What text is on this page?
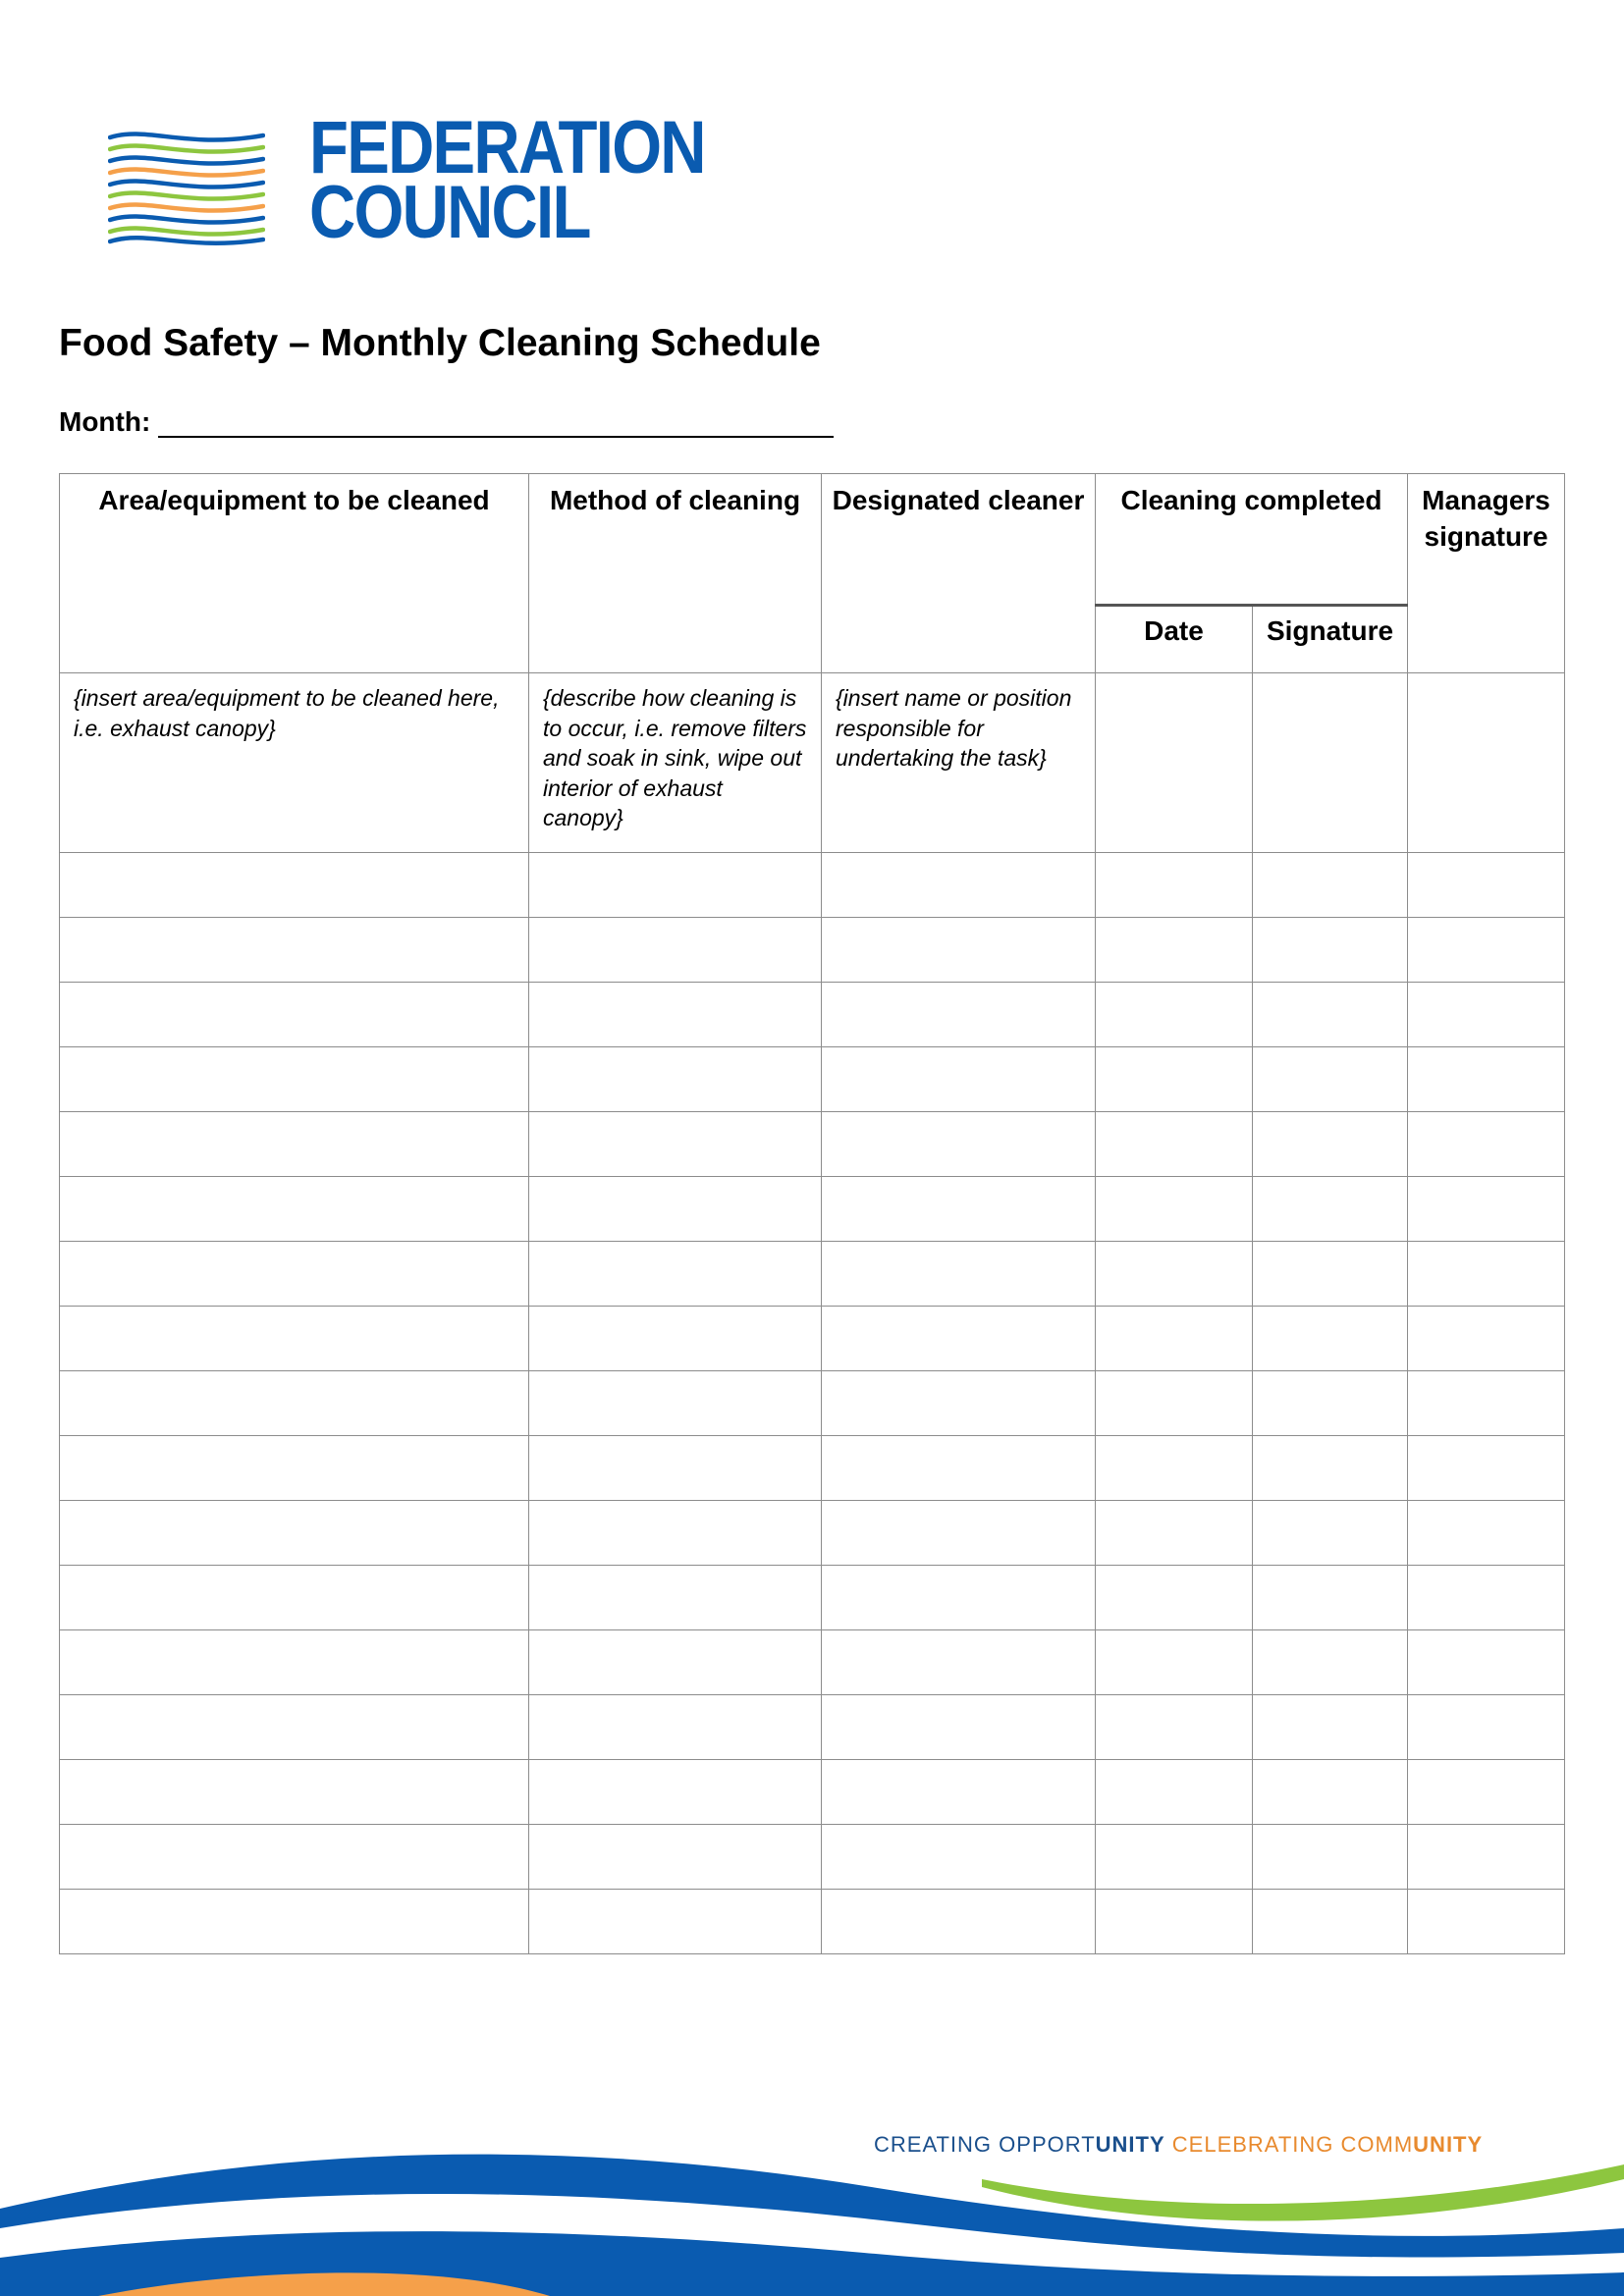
FEDERATION
COUNCIL
Food Safety – Monthly Cleaning Schedule
Month:
Area/equipment to be cleaned	Method of cleaning	Designated cleaner	Cleaning completed		Managers signature
			Date	Signature	
{insert area/equipment to be cleaned here, i.e. exhaust canopy}	{describe how cleaning is to occur, i.e. remove filters and soak in sink, wipe out interior of exhaust canopy}	{insert name or position responsible for undertaking the task}			

CREATING OPPORTUNITY CELEBRATING COMMUNITY
